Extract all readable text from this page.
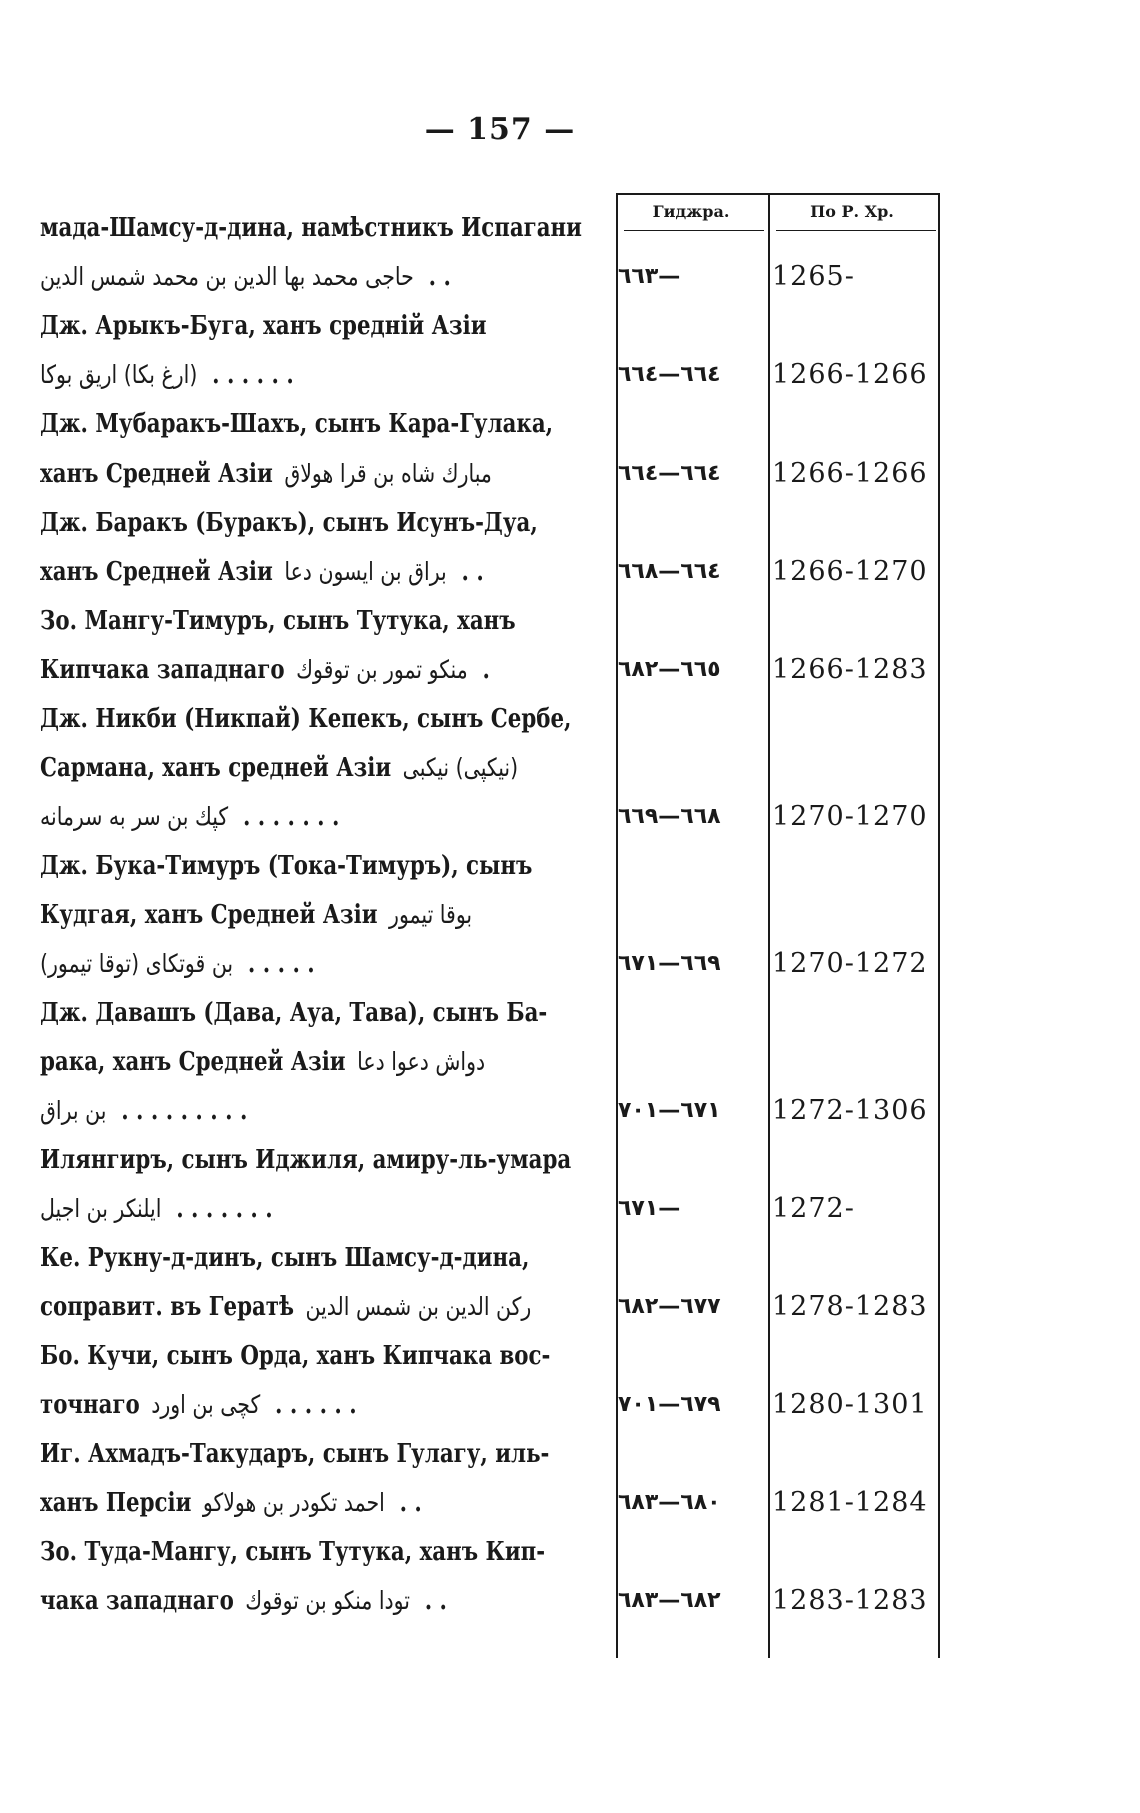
— 157 —
Гиджра.	По Р. Хр.
мада-Шамсу-д-дина, намѣстникъ Испагани
حاجى محمد بها الدين بن محمد شمس الدين . .	٦٦٣—	1265-
Дж. Арыкъ-Буга, ханъ средній Азіи
(ارغ بكا) اريق بوكا . . . . . .	٦٦٤—٦٦٤	1266-1266
Дж. Мубаракъ-Шахъ, сынъ Кара-Гулака,
ханъ Средней Азіи مبارك شاه بن قرا هولاق	٦٦٤—٦٦٤	1266-1266
Дж. Баракъ (Буракъ), сынъ Исунъ-Дуа,
ханъ Средней Азіи براق بن ايسون دعا . .	٦٦٤—٦٦٨	1266-1270
Зо. Мангу-Тимуръ, сынъ Тутука, ханъ
Кипчака западнаго منكو تمور بن توقوك .	٦٦٥—٦٨٢	1266-1283
Дж. Никби (Никпай) Кепекъ, сынъ Сербе,
Сармана, ханъ средней Азіи (نيكپى) نيكبى
كپك بن سر به سرمانه . . . . . . .	٦٦٨—٦٦٩	1270-1270
Дж. Бука-Тимуръ (Тока-Тимуръ), сынъ
Кудгая, ханъ Средней Азіи بوقا تيمور
بن قوتكاى (توقا تيمور) . . . . .	٦٦٩—٦٧١	1270-1272
Дж. Давашъ (Дава, Ауа, Тава), сынъ Ба-
рака, ханъ Средней Азіи دواش دعوا دعا
بن براق . . . . . . . . .	٦٧١—٧٠١	1272-1306
Илянгиръ, сынъ Иджиля, амиру-ль-умара
ايلنكر بن اجيل . . . . . . .	٦٧١—	1272-
Ке. Рукну-д-динъ, сынъ Шамсу-д-дина,
соправит. въ Гератѣ ركن الدين بن شمس الدين	٦٧٧—٦٨٢	1278-1283
Бо. Кучи, сынъ Орда, ханъ Кипчака вос-
точнаго كچى بن اورد . . . . . .	٦٧٩—٧٠١	1280-1301
Иг. Ахмадъ-Такударъ, сынъ Гулагу, иль-
ханъ Персіи احمد تكودر بن هولاكو . .	٦٨٠—٦٨٣	1281-1284
Зо. Туда-Мангу, сынъ Тутука, ханъ Кип-
чака западнаго تودا منكو بن توقوك . .	٦٨٢—٦٨٣	1283-1283
